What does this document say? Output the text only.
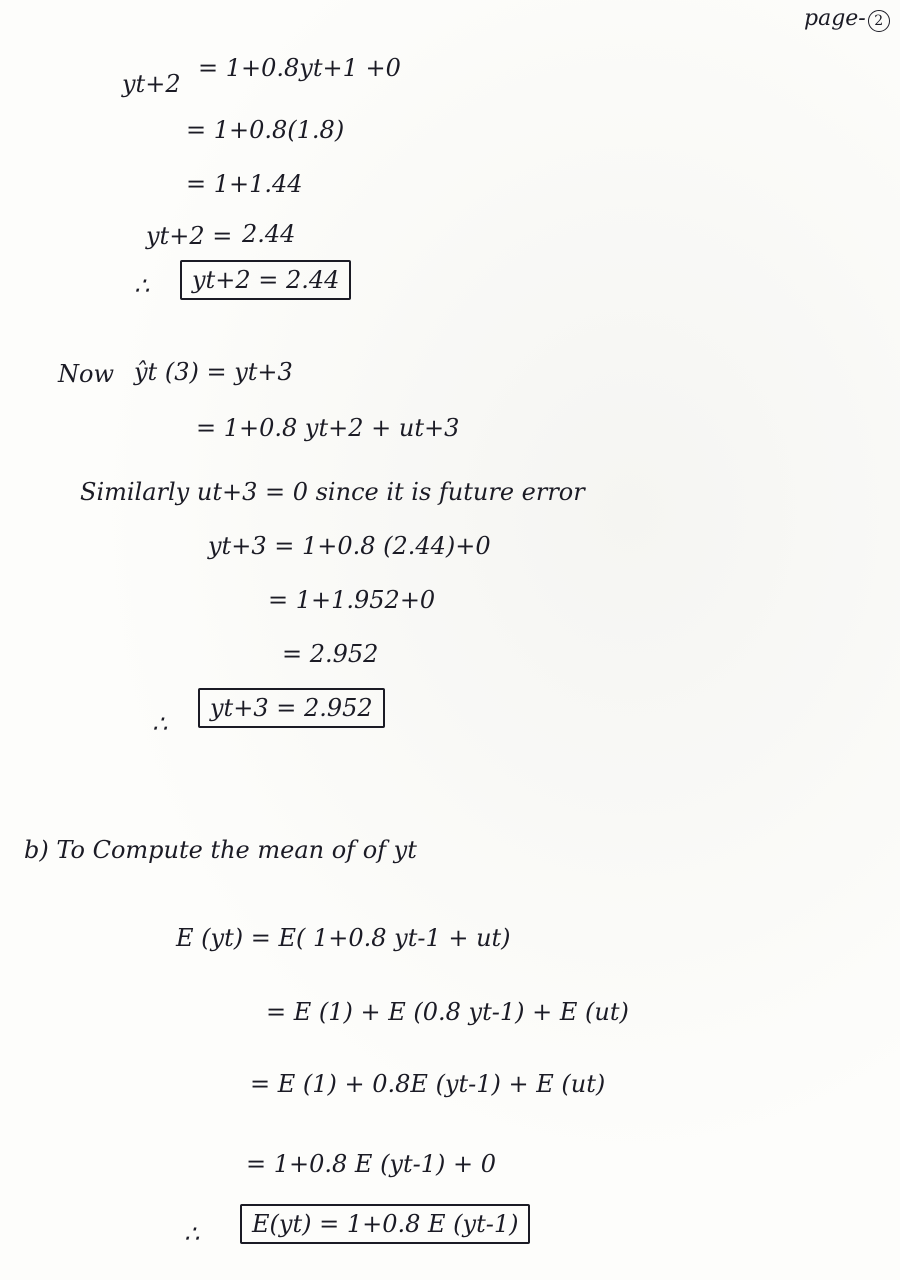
page- 2
yt+2
= 1+0.8yt+1 +0
= 1+0.8(1.8)
= 1+1.44
yt+2 = 2.44
∴	yt+2 = 2.44
Now ŷt (3) = yt+3
= 1+0.8 yt+2 + ut+3
Similarly ut+3 = 0 since it is future error
yt+3 = 1+0.8 (2.44)+0
= 1+1.952+0
= 2.952
∴
yt+3 = 2.952
b) To Compute the mean of of yt
E (yt) = E( 1+0.8 yt-1 + ut)
= E (1) + E (0.8 yt-1) + E (ut)
= E (1) + 0.8E (yt-1) + E (ut)
= 1+0.8 E (yt-1) + 0
∴	E(yt) = 1+0.8 E (yt-1)
